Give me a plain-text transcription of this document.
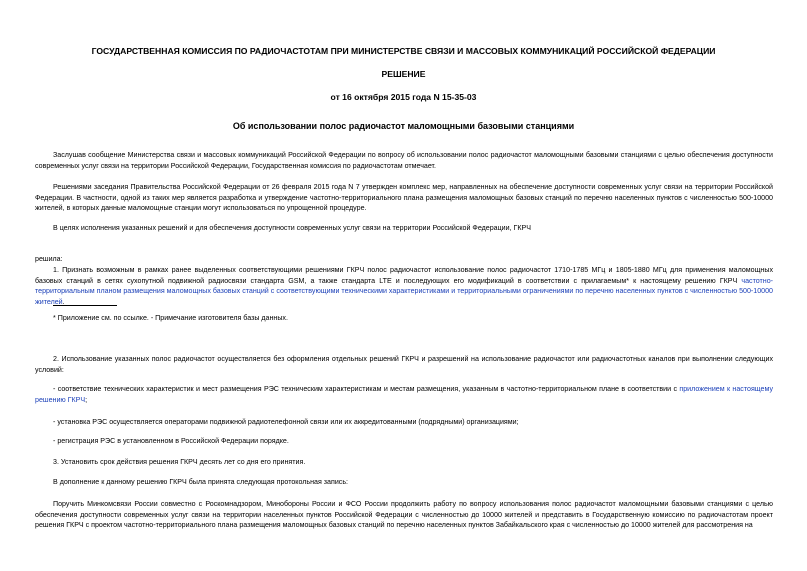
ГОСУДАРСТВЕННАЯ КОМИССИЯ ПО РАДИОЧАСТОТАМ ПРИ МИНИСТЕРСТВЕ СВЯЗИ И МАССОВЫХ КОММУНИКАЦИЙ РОССИЙСКОЙ ФЕДЕРАЦИИ
РЕШЕНИЕ
от 16 октября 2015 года N 15-35-03
Об использовании полос радиочастот маломощными базовыми станциями

Заслушав сообщение Министерства связи и массовых коммуникаций Российской Федерации по вопросу об использовании полос радиочастот маломощными базовыми станциями с целью обеспечения доступности современных услуг связи на территории Российской Федерации, Государственная комиссия по радиочастотам отмечает.

Решениями заседания Правительства Российской Федерации от 26 февраля 2015 года N 7 утвержден комплекс мер, направленных на обеспечение доступности современных услуг связи на территории Российской Федерации. В частности, одной из таких мер является разработка и утверждение частотно-территориального плана размещения маломощных базовых станций по перечню населенных пунктов с численностью 500-10000 жителей, в которых данные маломощные станции могут использоваться по упрощенной процедуре.

В целях исполнения указанных решений и для обеспечения доступности современных услуг связи на территории Российской Федерации, ГКРЧ
решила:

1. Признать возможным в рамках ранее выделенных соответствующими решениями ГКРЧ полос радиочастот использование полос радиочастот 1710-1785 МГц и 1805-1880 МГц для применения маломощных базовых станций в сетях сухопутной подвижной радиосвязи стандарта GSM, а также стандарта LTE и последующих его модификаций в соответствии с прилагаемым* к настоящему решению ГКРЧ частотно-территориальным планом размещения маломощных базовых станций с соответствующими техническими характеристиками и территориальными ограничениями по перечню населенных пунктов с численностью 500-10000 жителей.

* Приложение см. по ссылке. - Примечание изготовителя базы данных.

2. Использование указанных полос радиочастот осуществляется без оформления отдельных решений ГКРЧ и разрешений на использование радиочастот или радиочастотных каналов при выполнении следующих условий:

- соответствие технических характеристик и мест размещения РЭС техническим характеристикам и местам размещения, указанным в частотно-территориальном плане в соответствии с приложением к настоящему решению ГКРЧ;

- установка РЭС осуществляется операторами подвижной радиотелефонной связи или их аккредитованными (подрядными) организациями;
- регистрация РЭС в установленном в Российской Федерации порядке.
3. Установить срок действия решения ГКРЧ десять лет со дня его принятия.
В дополнение к данному решению ГКРЧ была принята следующая протокольная запись:

Поручить Минкомсвязи России совместно с Роскомнадзором, Минобороны России и ФСО России продолжить работу по вопросу использования полос радиочастот маломощными базовыми станциями с целью обеспечения доступности современных услуг связи на территории населенных пунктов Российской Федерации с численностью до 10000 жителей и представить в Государственную комиссию по радиочастотам проект решения ГКРЧ с проектом частотно-территориального плана размещения маломощных базовых станций по перечню населенных пунктов Забайкальского края с численностью до 10000 жителей для рассмотрения на
